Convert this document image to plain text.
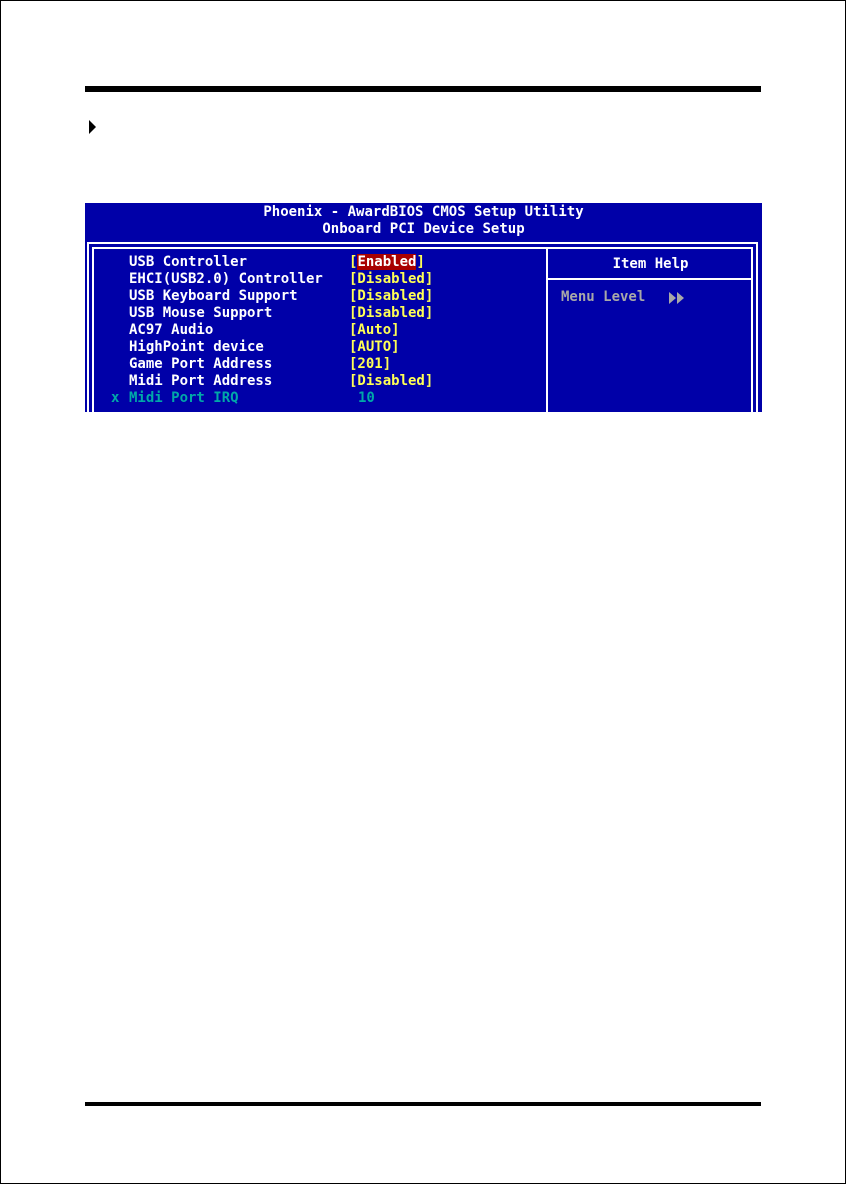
Phoenix - AwardBIOS CMOS Setup Utility
Onboard PCI Device Setup
USB Controller	[Enabled]
EHCI(USB2.0) Controller [Disabled]
USB Keyboard Support	[Disabled]
USB Mouse Support	[Disabled]
AC97 Audio	[Auto]
HighPoint device	[AUTO]
Game Port Address	[201]
Midi Port Address	[Disabled]
x Midi Port IRQ	10
Item Help
Menu Level
